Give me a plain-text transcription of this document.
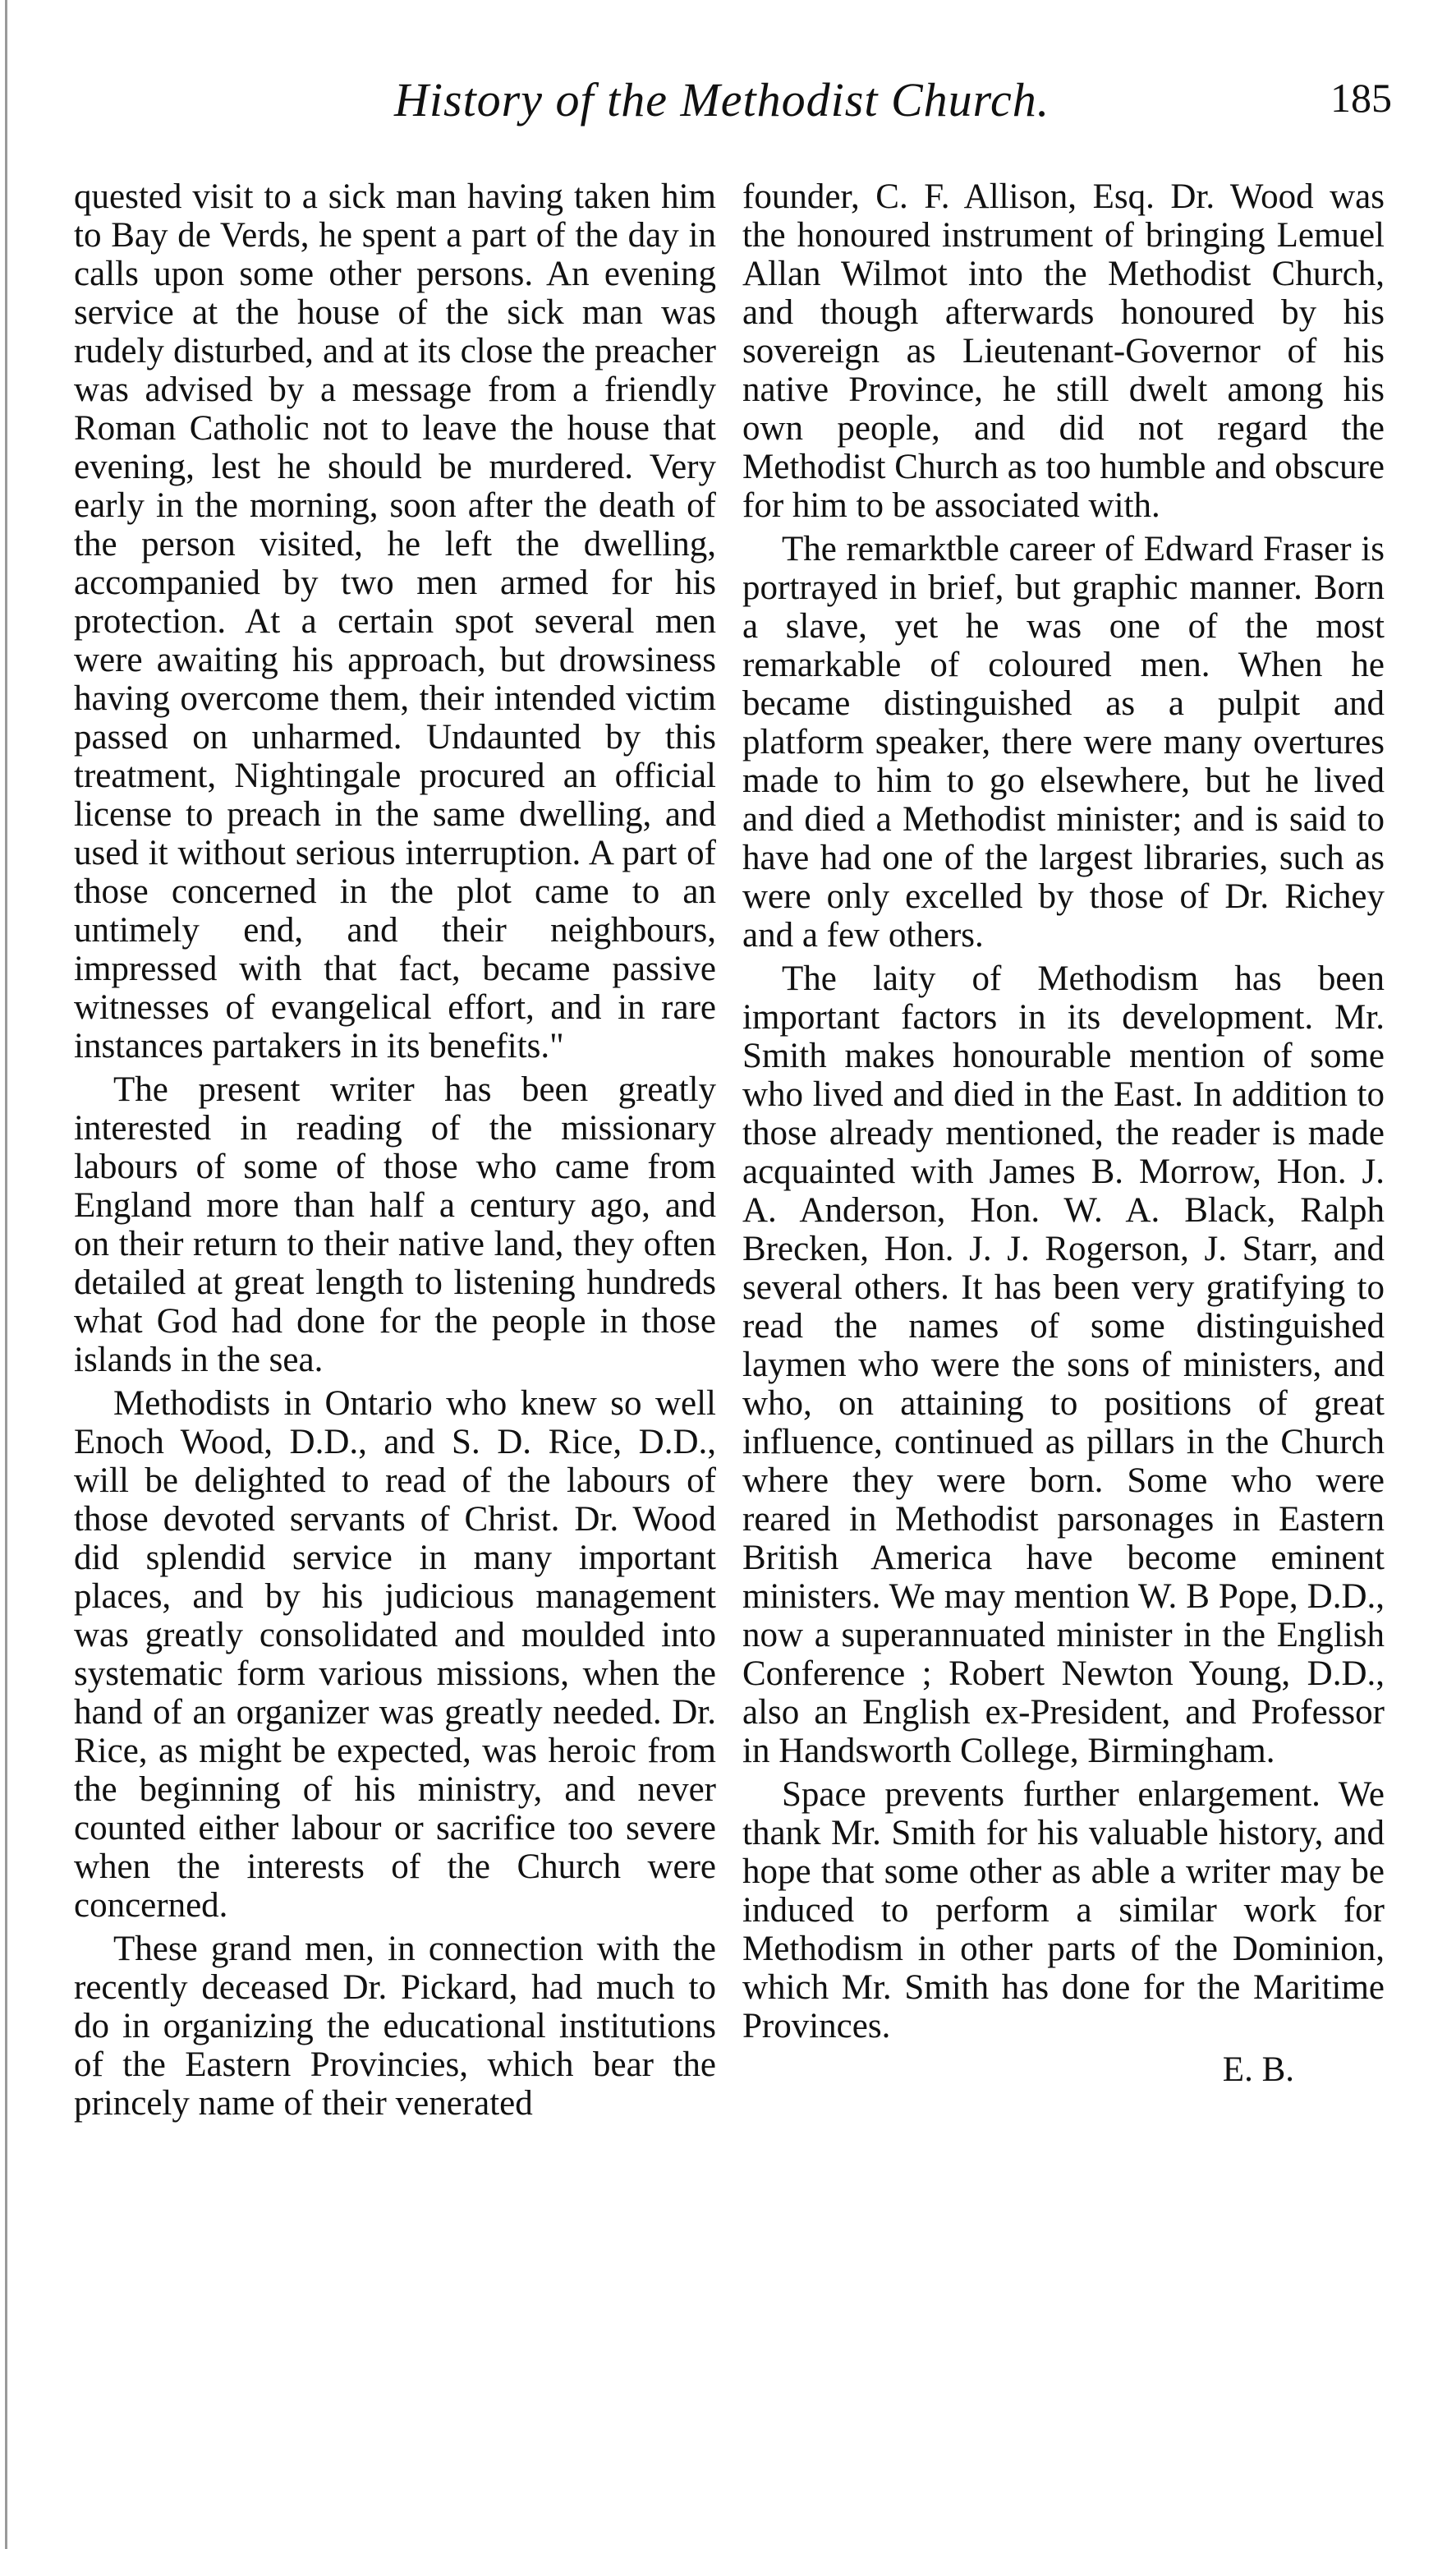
History of the Methodist Church.	185

quested visit to a sick man having taken him to Bay de Verds, he spent a part of the day in calls upon some other persons. An evening service at the house of the sick man was rudely disturbed, and at its close the preacher was advised by a message from a friendly Roman Catholic not to leave the house that evening, lest he should be murdered. Very early in the morning, soon after the death of the person visited, he left the dwelling, accompanied by two men armed for his protection. At a certain spot several men were awaiting his approach, but drowsiness having overcome them, their intended victim passed on unharmed. Undaunted by this treatment, Nightingale procured an official license to preach in the same dwelling, and used it without serious interruption. A part of those concerned in the plot came to an untimely end, and their neighbours, impressed with that fact, became passive witnesses of evangelical effort, and in rare instances partakers in its benefits."

The present writer has been greatly interested in reading of the missionary labours of some of those who came from England more than half a century ago, and on their return to their native land, they often detailed at great length to listening hundreds what God had done for the people in those islands in the sea.

Methodists in Ontario who knew so well Enoch Wood, D.D., and S. D. Rice, D.D., will be delighted to read of the labours of those devoted servants of Christ. Dr. Wood did splendid service in many important places, and by his judicious management was greatly consolidated and moulded into systematic form various missions, when the hand of an organizer was greatly needed. Dr. Rice, as might be expected, was heroic from the beginning of his ministry, and never counted either labour or sacrifice too severe when the interests of the Church were concerned.

These grand men, in connection with the recently deceased Dr. Pickard, had much to do in organizing the educational institutions of the Eastern Provincies, which bear the princely name of their venerated

founder, C. F. Allison, Esq. Dr. Wood was the honoured instrument of bringing Lemuel Allan Wilmot into the Methodist Church, and though afterwards honoured by his sovereign as Lieutenant-Governor of his native Province, he still dwelt among his own people, and did not regard the Methodist Church as too humble and obscure for him to be associated with.

The remarktble career of Edward Fraser is portrayed in brief, but graphic manner. Born a slave, yet he was one of the most remarkable of coloured men. When he became distinguished as a pulpit and platform speaker, there were many overtures made to him to go elsewhere, but he lived and died a Methodist minister; and is said to have had one of the largest libraries, such as were only excelled by those of Dr. Richey and a few others.

The laity of Methodism has been important factors in its development. Mr. Smith makes honourable mention of some who lived and died in the East. In addition to those already mentioned, the reader is made acquainted with James B. Morrow, Hon. J. A. Anderson, Hon. W. A. Black, Ralph Brecken, Hon. J. J. Rogerson, J. Starr, and several others. It has been very gratifying to read the names of some distinguished laymen who were the sons of ministers, and who, on attaining to positions of great influence, continued as pillars in the Church where they were born. Some who were reared in Methodist parsonages in Eastern British America have become eminent ministers. We may mention W. B Pope, D.D., now a superannuated minister in the English Conference ; Robert Newton Young, D.D., also an English ex-President, and Professor in Handsworth College, Birmingham.

Space prevents further enlargement. We thank Mr. Smith for his valuable history, and hope that some other as able a writer may be induced to perform a similar work for Methodism in other parts of the Dominion, which Mr. Smith has done for the Maritime Provinces.

E. B.
